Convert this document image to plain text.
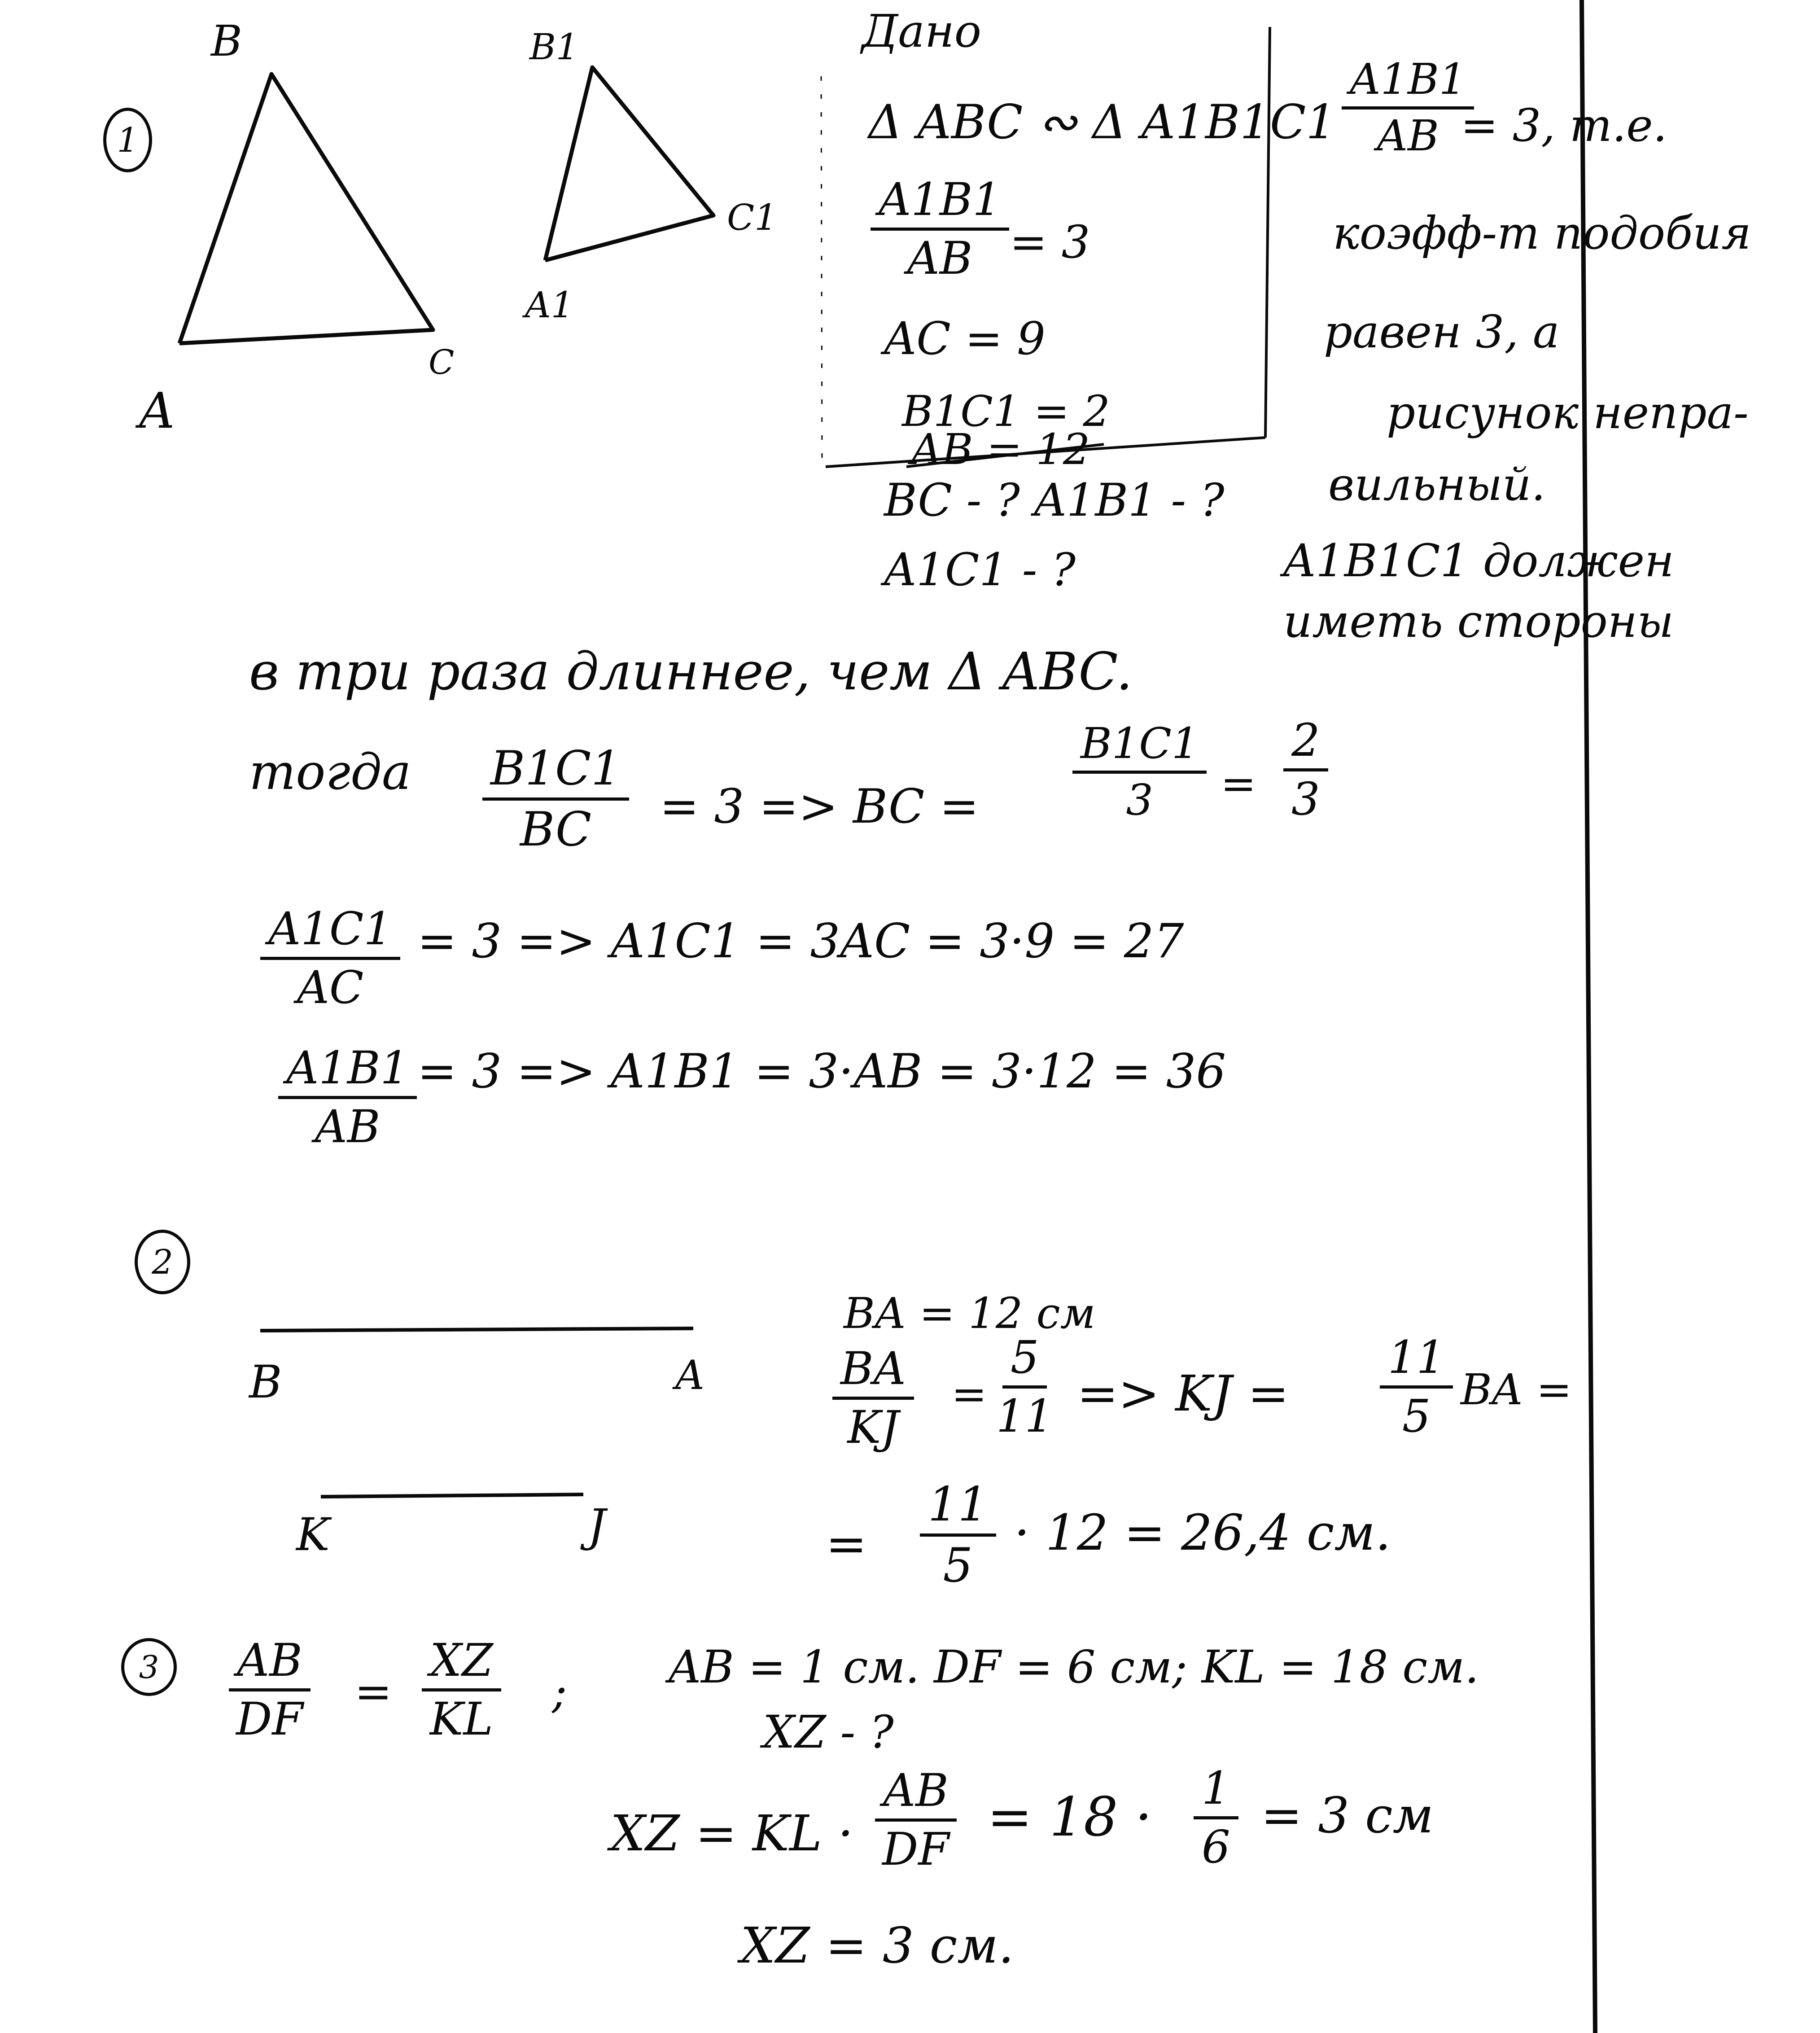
1
B
A
C
B1
A1
C1
Дано
Δ ABC ∾ Δ A1B1C1
$\frac{A1B1}{AB} = 3$
AC = 9
B1C1 = 2
AB = 12
BC - ? A1B1 - ?
A1C1 - ?
$\frac{A1B1}{AB}$
= 3, т.е.
коэфф-т подобия
равен 3, а
рисунок непра-
вильный.
A1B1C1 должен
иметь стороны
в три раза длиннее, чем Δ ABC.
тогда $\frac{B1C1}{BC} = 3$ => BC = $\frac{B1C1}{3} = \frac{2}{3}$
$\frac{A1C1}{AC} = 3 => A1C1 = 3AC = 3\cdot 9 = 27$
$\frac{A1B1}{AB} = 3 => A1B1 = 3\cdot AB = 3\cdot 12 = 36$
2
B	A
K	J
BA = 12 см
$\frac{BA}{KJ} = \frac{5}{11}$ => KJ = $\frac{11}{5}$ BA =
= $\frac{11}{5} \cdot 12 = 26,4$ см.
$3 \frac{AB}{DF} = \frac{XZ}{KL}$ ; AB = 1 см. DF = 6 см; KL = 18 см.
XZ - ?
XZ = KL · $\frac{AB}{DF} = 18 \cdot \frac{1}{6} = 3$ см
XZ = 3 см.
